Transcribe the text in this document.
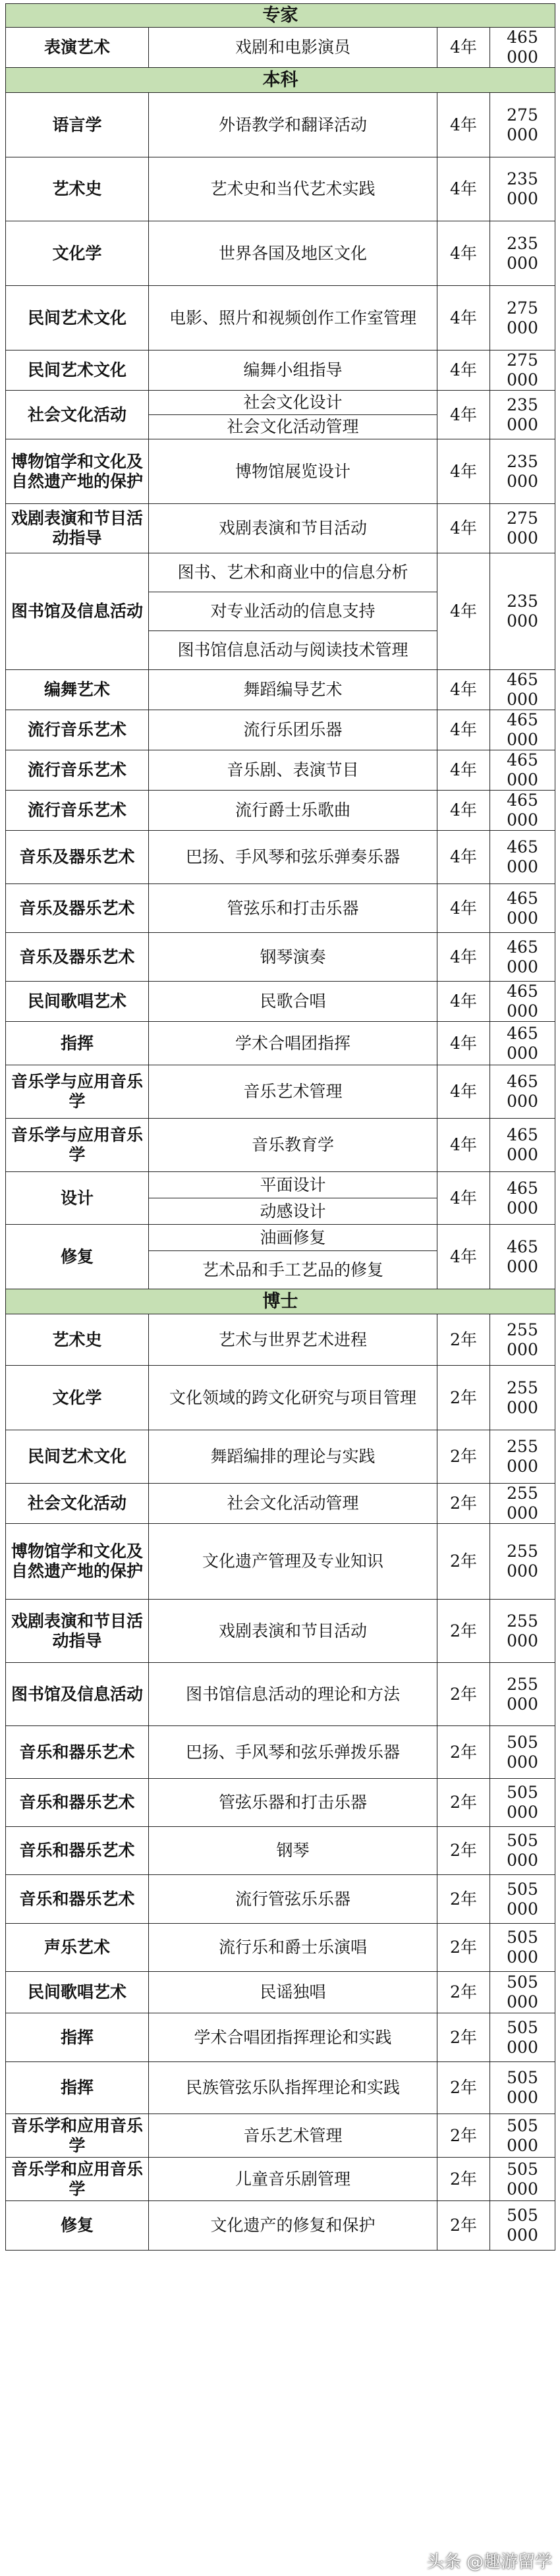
专家			
表演艺术	戏剧和电影演员	4年	465 000
本科			
语言学	外语教学和翻译活动	4年	275 000
艺术史	艺术史和当代艺术实践	4年	235 000
文化学	世界各国及地区文化	4年	235 000
民间艺术文化	电影、照片和视频创作工作室管理	4年	275 000
民间艺术文化	编舞小组指导	4年	275 000
社会文化活动	社会文化设计	4年	235 000
	社会文化活动管理		
博物馆学和文化及自然遗产地的保护	博物馆展览设计	4年	235 000
戏剧表演和节目活动指导	戏剧表演和节目活动	4年	275 000
图书馆及信息活动	图书、艺术和商业中的信息分析	4年	235 000
	对专业活动的信息支持		
	图书馆信息活动与阅读技术管理		
编舞艺术	舞蹈编导艺术	4年	465 000
流行音乐艺术	流行乐团乐器	4年	465 000
流行音乐艺术	音乐剧、表演节目	4年	465 000
流行音乐艺术	流行爵士乐歌曲	4年	465 000
音乐及器乐艺术	巴扬、手风琴和弦乐弹奏乐器	4年	465 000
音乐及器乐艺术	管弦乐和打击乐器	4年	465 000
音乐及器乐艺术	钢琴演奏	4年	465 000
民间歌唱艺术	民歌合唱	4年	465 000
指挥	学术合唱团指挥	4年	465 000
音乐学与应用音乐学	音乐艺术管理	4年	465 000
音乐学与应用音乐学	音乐教育学	4年	465 000
设计	平面设计	4年	465 000
	动感设计		
修复	油画修复	4年	465 000
	艺术品和手工艺品的修复		
博士			
艺术史	艺术与世界艺术进程	2年	255 000
文化学	文化领域的跨文化研究与项目管理	2年	255 000
民间艺术文化	舞蹈编排的理论与实践	2年	255 000
社会文化活动	社会文化活动管理	2年	255 000
博物馆学和文化及自然遗产地的保护	文化遗产管理及专业知识	2年	255 000
戏剧表演和节目活动指导	戏剧表演和节目活动	2年	255 000
图书馆及信息活动	图书馆信息活动的理论和方法	2年	255 000
音乐和器乐艺术	巴扬、手风琴和弦乐弹拨乐器	2年	505 000
音乐和器乐艺术	管弦乐器和打击乐器	2年	505 000
音乐和器乐艺术	钢琴	2年	505 000
音乐和器乐艺术	流行管弦乐乐器	2年	505 000
声乐艺术	流行乐和爵士乐演唱	2年	505 000
民间歌唱艺术	民谣独唱	2年	505 000
指挥	学术合唱团指挥理论和实践	2年	505 000
指挥	民族管弦乐队指挥理论和实践	2年	505 000
音乐学和应用音乐学	音乐艺术管理	2年	505 000
音乐学和应用音乐学	儿童音乐剧管理	2年	505 000
修复	文化遗产的修复和保护	2年	505 000
头条 @趣游留学
